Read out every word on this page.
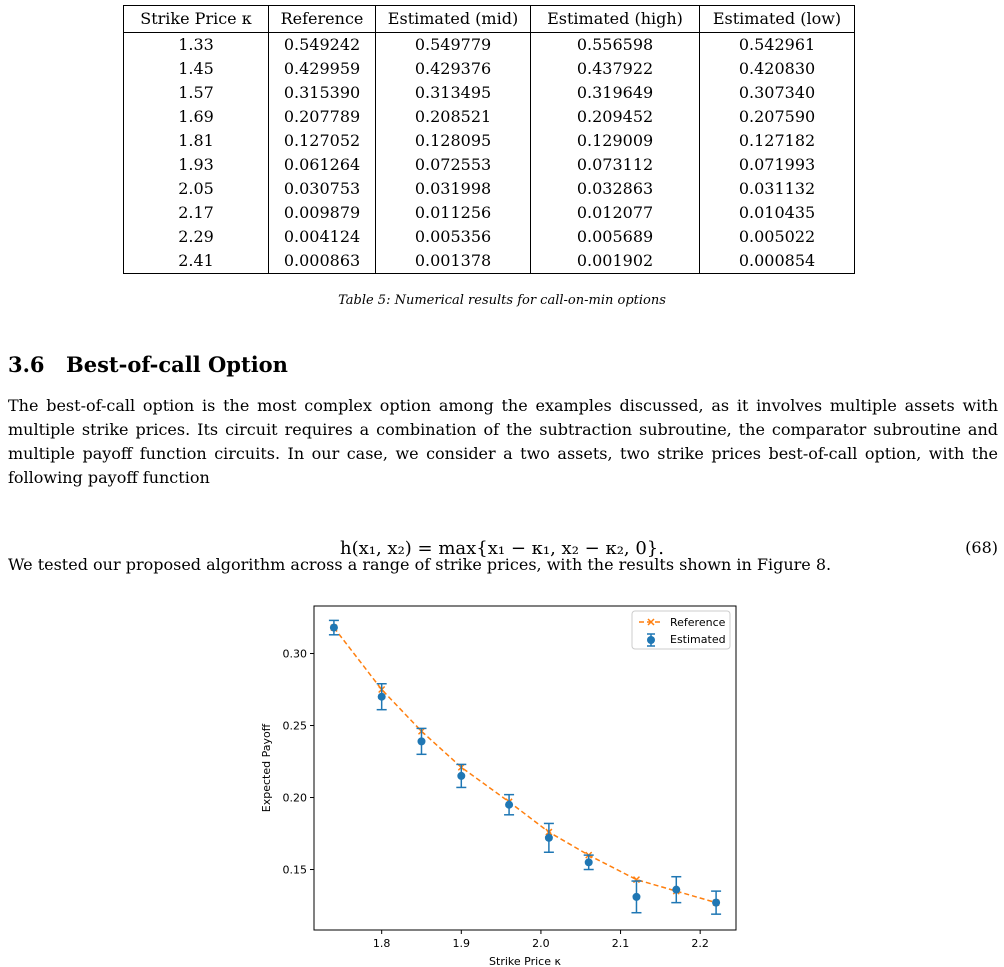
Strike Price κ	Reference	Estimated (mid)	Estimated (high)	Estimated (low)
1.33	0.549242	0.549779	0.556598	0.542961
1.45	0.429959	0.429376	0.437922	0.420830
1.57	0.315390	0.313495	0.319649	0.307340
1.69	0.207789	0.208521	0.209452	0.207590
1.81	0.127052	0.128095	0.129009	0.127182
1.93	0.061264	0.072553	0.073112	0.071993
2.05	0.030753	0.031998	0.032863	0.031132
2.17	0.009879	0.011256	0.012077	0.010435
2.29	0.004124	0.005356	0.005689	0.005022
2.41	0.000863	0.001378	0.001902	0.000854
Table 5: Numerical results for call-on-min options
3.6 Best-of-call Option
The best-of-call option is the most complex option among the examples discussed, as it involves multiple assets with multiple strike prices. Its circuit requires a combination of the subtraction subroutine, the comparator subroutine and multiple payoff function circuits. In our case, we consider a two assets, two strike prices best-of-call option, with the following payoff function
h(x₁, x₂) = max{x₁ − κ₁, x₂ − κ₂, 0}.	(68)
We tested our proposed algorithm across a range of strike prices, with the results shown in Figure 8.
1.8	1.9	2.0	2.1	2.2
0.15
0.20
0.25
0.30
Strike Price κ
Expected Payoff
Reference
Estimated
